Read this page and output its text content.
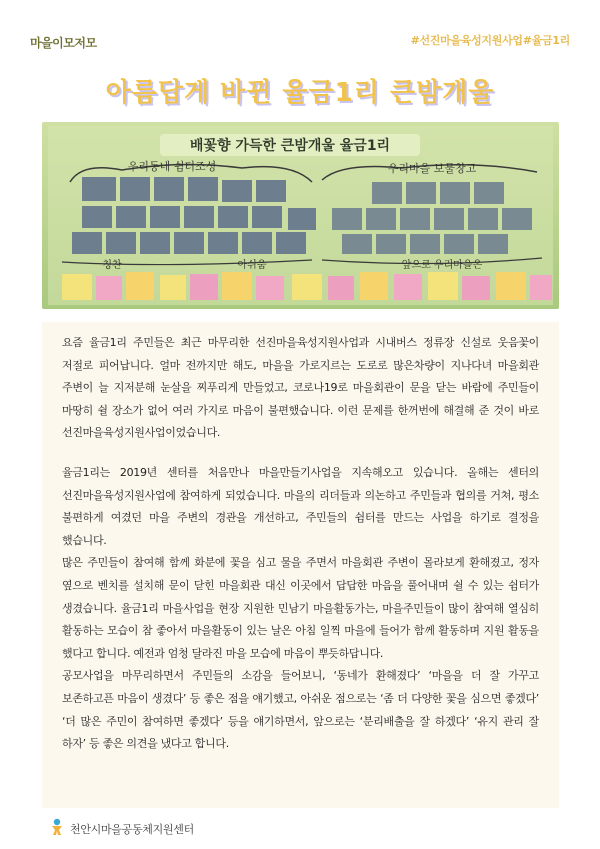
마을이모저모	#선진마을육성지원사업#율금1리
아름답게 바뀐 율금1리 큰밤개울
배꽃향 가득한 큰밤개울 율금1리
우리동네 쉼터조성	우리마을 보물창고
칭찬	아쉬움	앞으로 우리마을은

요즘 율금1리 주민들은 최근 마무리한 선진마을육성지원사업과 시내버스 정류장 신설로 웃음꽃이 저절로 피어납니다. 얼마 전까지만 해도, 마을을 가로지르는 도로로 많은차량이 지나다녀 마을회관 주변이 늘 지저분해 눈살을 찌푸리게 만들었고, 코로나19로 마을회관이 문을 닫는 바람에 주민들이 마땅히 쉴 장소가 없어 여러 가지로 마음이 불편했습니다. 이런 문제를 한꺼번에 해결해 준 것이 바로 선진마을육성지원사업이었습니다.

율금1리는 2019년 센터를 처음만나 마을만들기사업을 지속해오고 있습니다. 올해는 센터의 선진마을육성지원사업에 참여하게 되었습니다. 마을의 리더들과 의논하고 주민들과 협의를 거쳐, 평소 불편하게 여겼던 마을 주변의 경관을 개선하고, 주민들의 쉼터를 만드는 사업을 하기로 결정을 했습니다.

많은 주민들이 참여해 함께 화분에 꽃을 심고 물을 주면서 마을회관 주변이 몰라보게 환해졌고, 정자 옆으로 벤치를 설치해 문이 닫힌 마을회관 대신 이곳에서 답답한 마음을 풀어내며 쉴 수 있는 쉼터가 생겼습니다. 율금1리 마을사업을 현장 지원한 민남기 마을활동가는, 마을주민들이 많이 참여해 열심히 활동하는 모습이 참 좋아서 마을활동이 있는 날은 아침 일찍 마을에 들어가 함께 활동하며 지원 활동을 했다고 합니다. 예전과 엄청 달라진 마을 모습에 마음이 뿌듯하답니다.

공모사업을 마무리하면서 주민들의 소감을 들어보니, ‘동네가 환해졌다’ ‘마을을 더 잘 가꾸고 보존하고픈 마음이 생겼다’ 등 좋은 점을 얘기했고, 아쉬운 점으로는 ‘좀 더 다양한 꽃을 심으면 좋겠다’ ‘더 많은 주민이 참여하면 좋겠다’ 등을 얘기하면서, 앞으로는 ‘분리배출을 잘 하겠다’ ‘유지 관리 잘 하자’ 등 좋은 의견을 냈다고 합니다.

천안시마을공동체지원센터
